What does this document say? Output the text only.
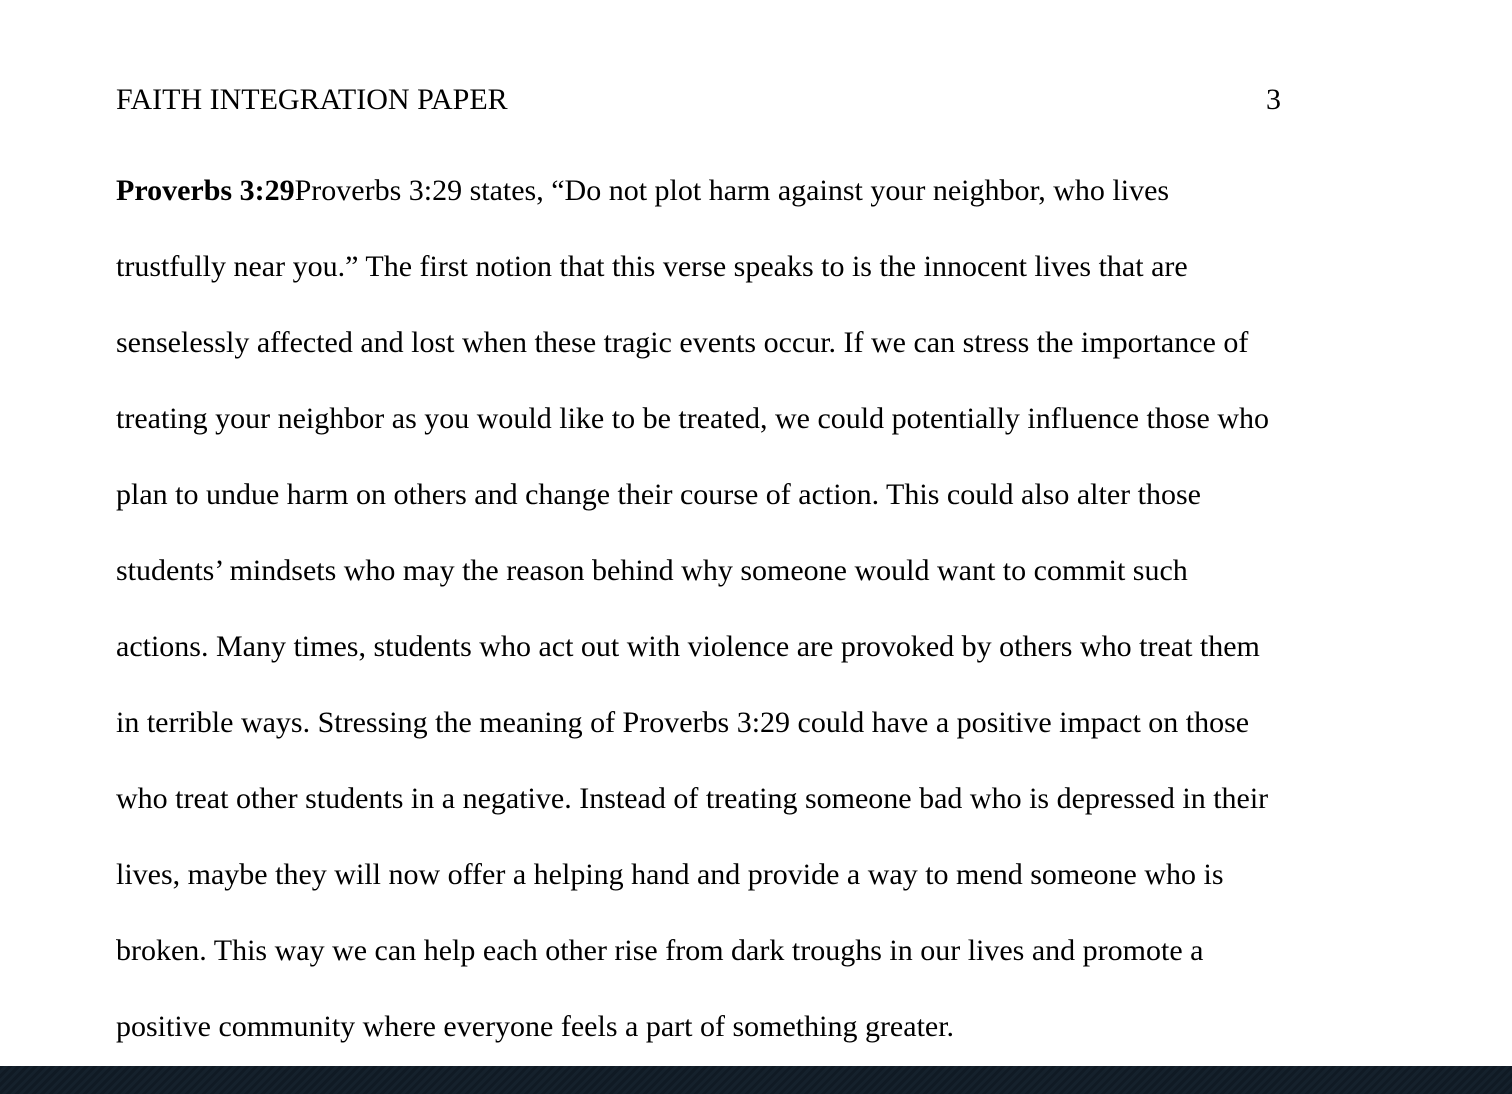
FAITH INTEGRATION PAPER	3
Proverbs 3:29Proverbs 3:29 states, “Do not plot harm against your neighbor, who lives
trustfully near you.” The first notion that this verse speaks to is the innocent lives that are
senselessly affected and lost when these tragic events occur. If we can stress the importance of
treating your neighbor as you would like to be treated, we could potentially influence those who
plan to undue harm on others and change their course of action. This could also alter those
students’ mindsets who may the reason behind why someone would want to commit such
actions. Many times, students who act out with violence are provoked by others who treat them
in terrible ways. Stressing the meaning of Proverbs 3:29 could have a positive impact on those
who treat other students in a negative. Instead of treating someone bad who is depressed in their
lives, maybe they will now offer a helping hand and provide a way to mend someone who is
broken. This way we can help each other rise from dark troughs in our lives and promote a
positive community where everyone feels a part of something greater.
